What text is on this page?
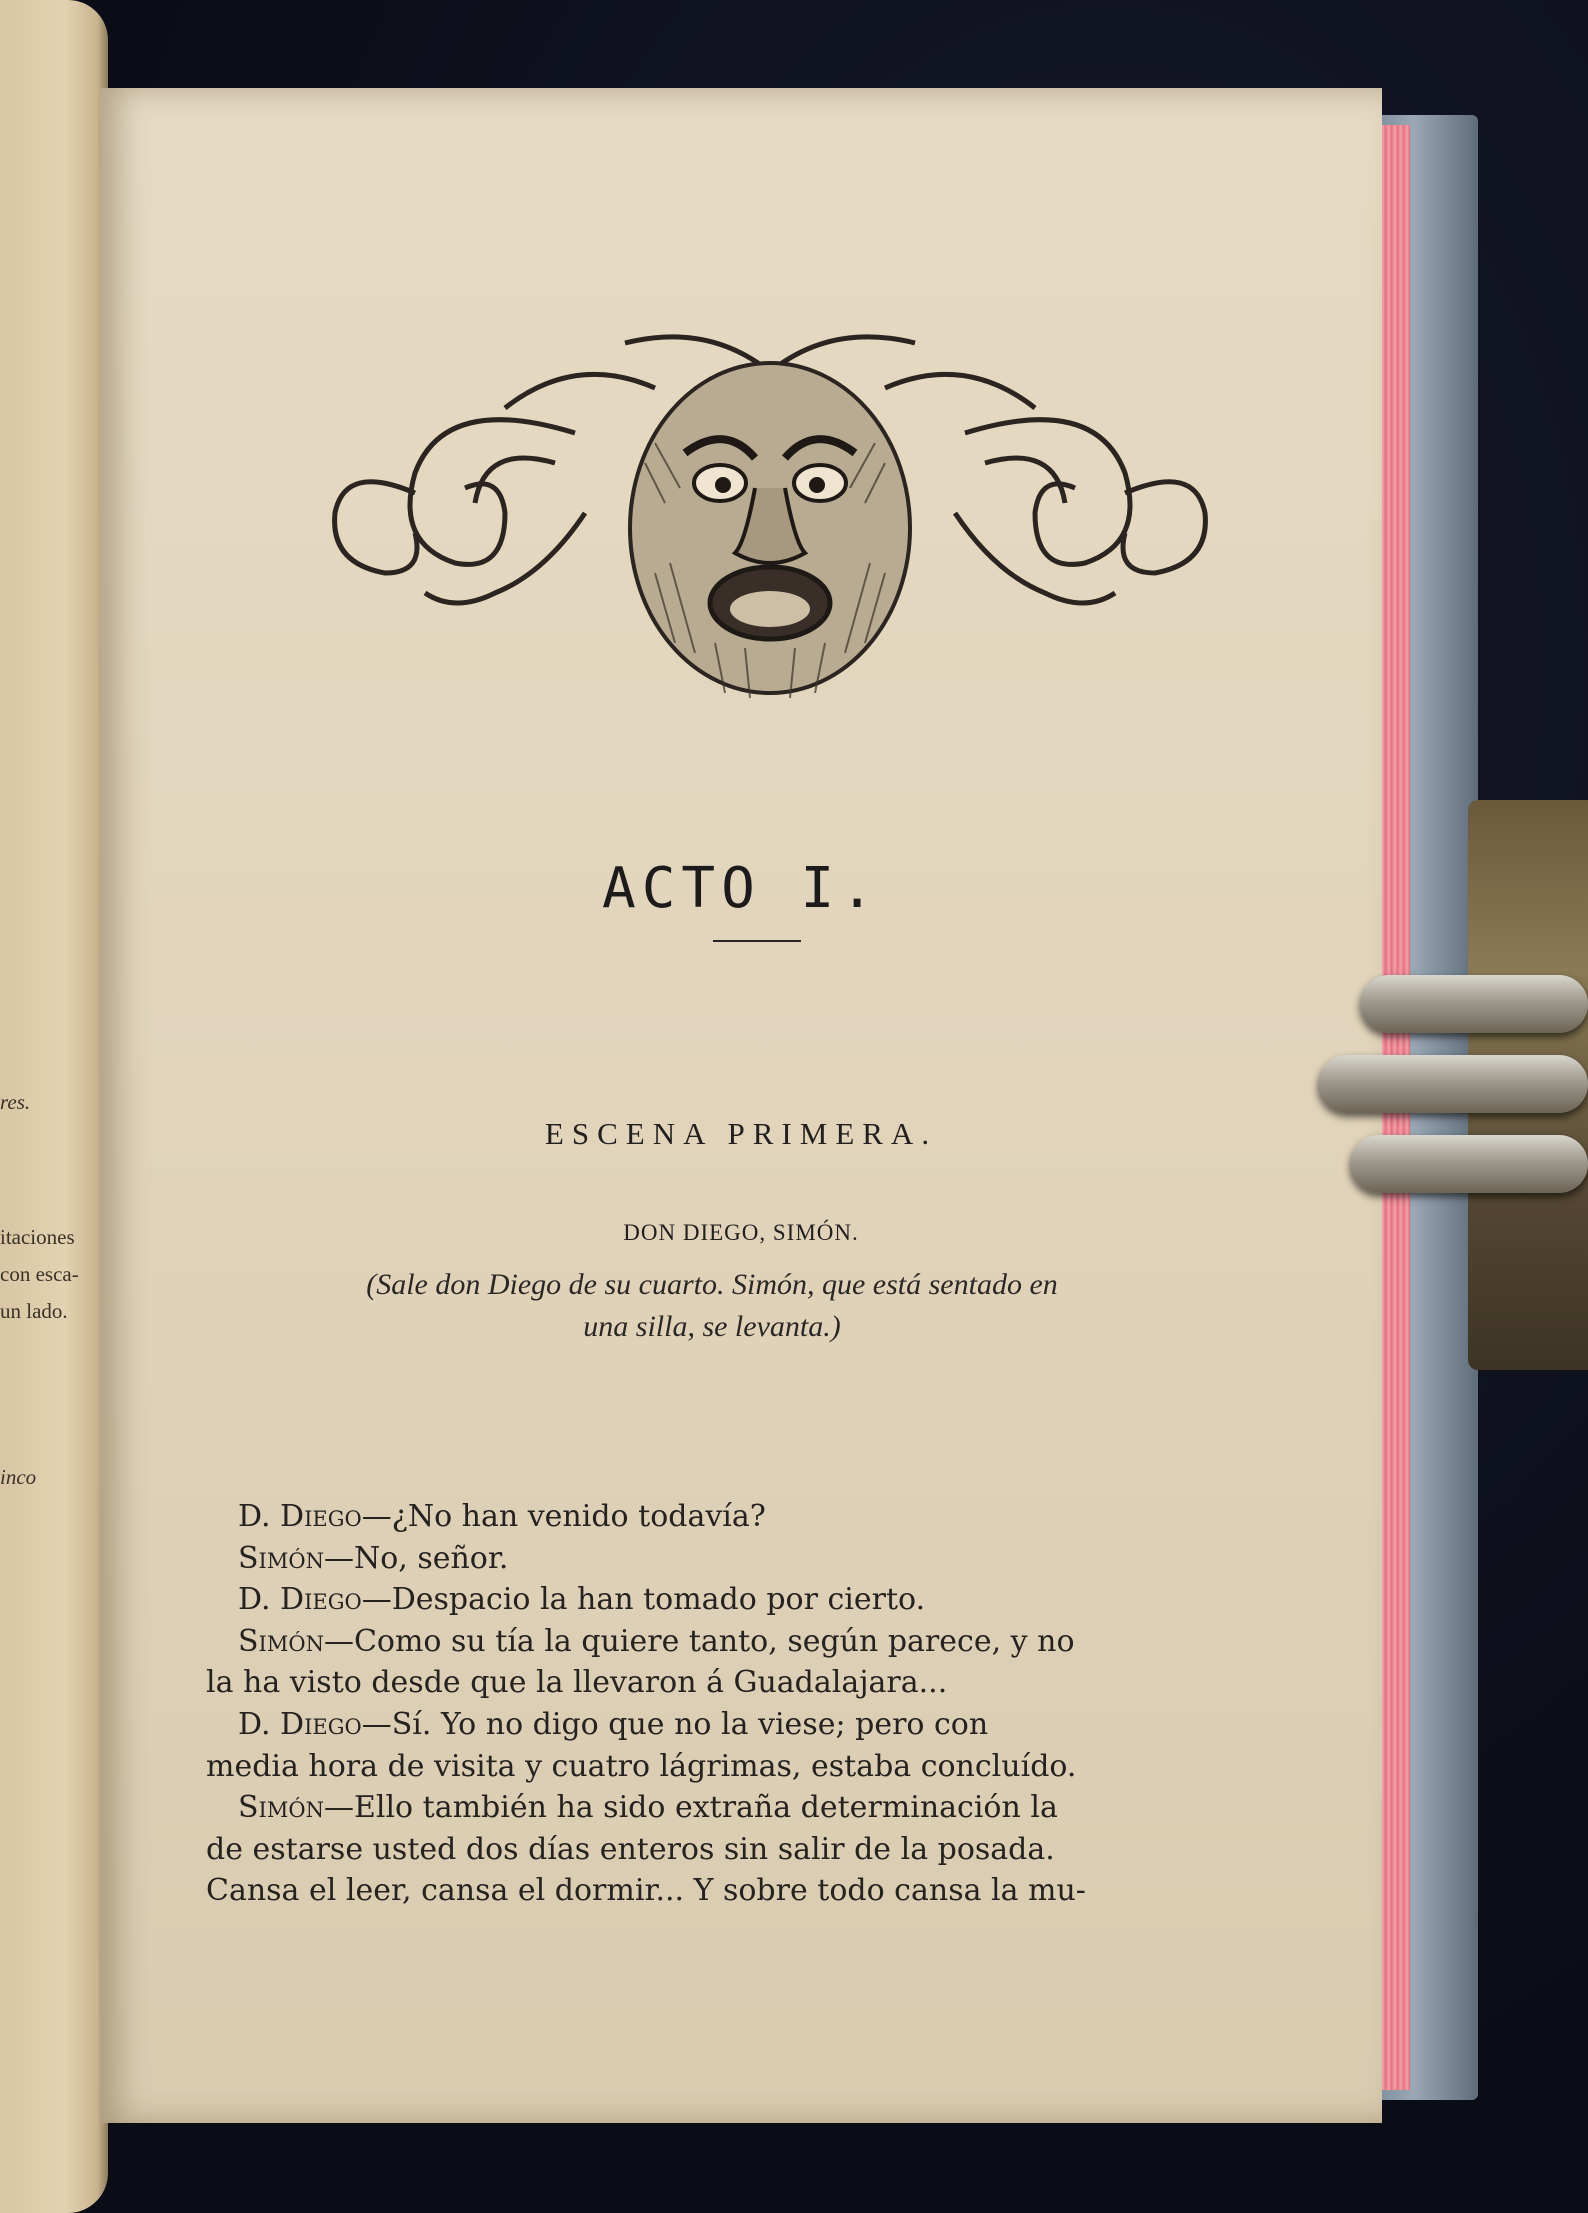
res.
itaciones
con esca-
un lado.
inco
ACTO I.
ESCENA PRIMERA.
DON DIEGO, SIMÓN.
(Sale don Diego de su cuarto. Simón, que está sentado en
una silla, se levanta.)
D. Diego—¿No han venido todavía?
Simón—No, señor.
D. Diego—Despacio la han tomado por cierto.
Simón—Como su tía la quiere tanto, según parece, y no
la ha visto desde que la llevaron á Guadalajara...
D. Diego—Sí. Yo no digo que no la viese; pero con
media hora de visita y cuatro lágrimas, estaba concluído.
Simón—Ello también ha sido extraña determinación la
de estarse usted dos días enteros sin salir de la posada.
Cansa el leer, cansa el dormir... Y sobre todo cansa la mu-
